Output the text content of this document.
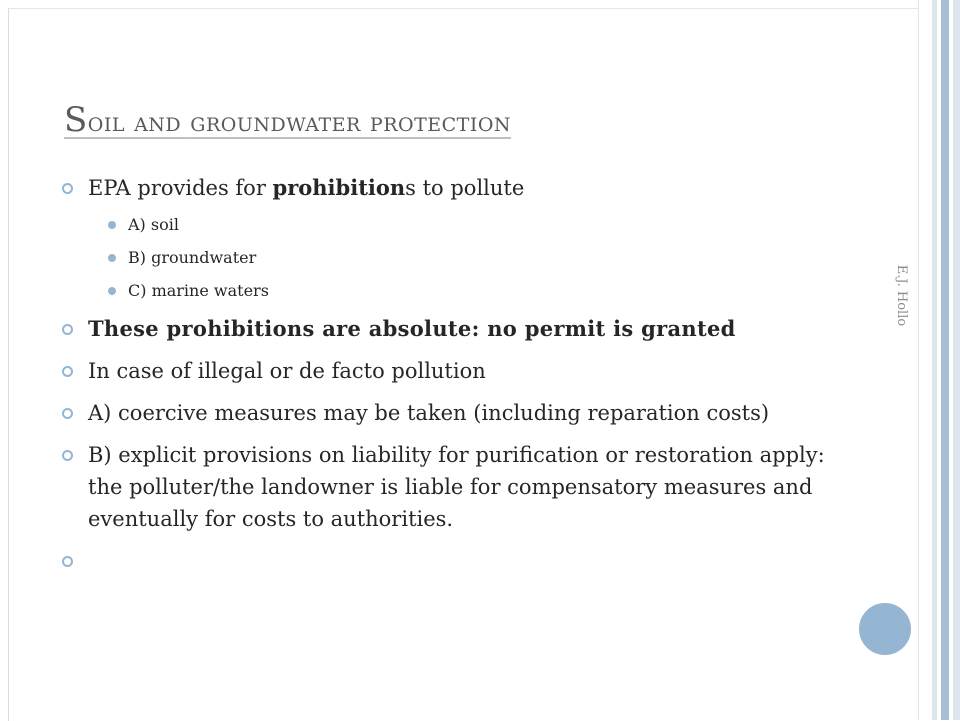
Soil and groundwater protection
EPA provides for prohibitions to pollute
A) soil
B) groundwater
C) marine waters
These prohibitions are absolute: no permit is granted
In case of illegal or de facto pollution
A) coercive measures may be taken (including reparation costs)
B) explicit provisions on liability for purification or restoration apply: the polluter/the landowner is liable for compensatory measures and eventually for costs to authorities.
E.J. Hollo
